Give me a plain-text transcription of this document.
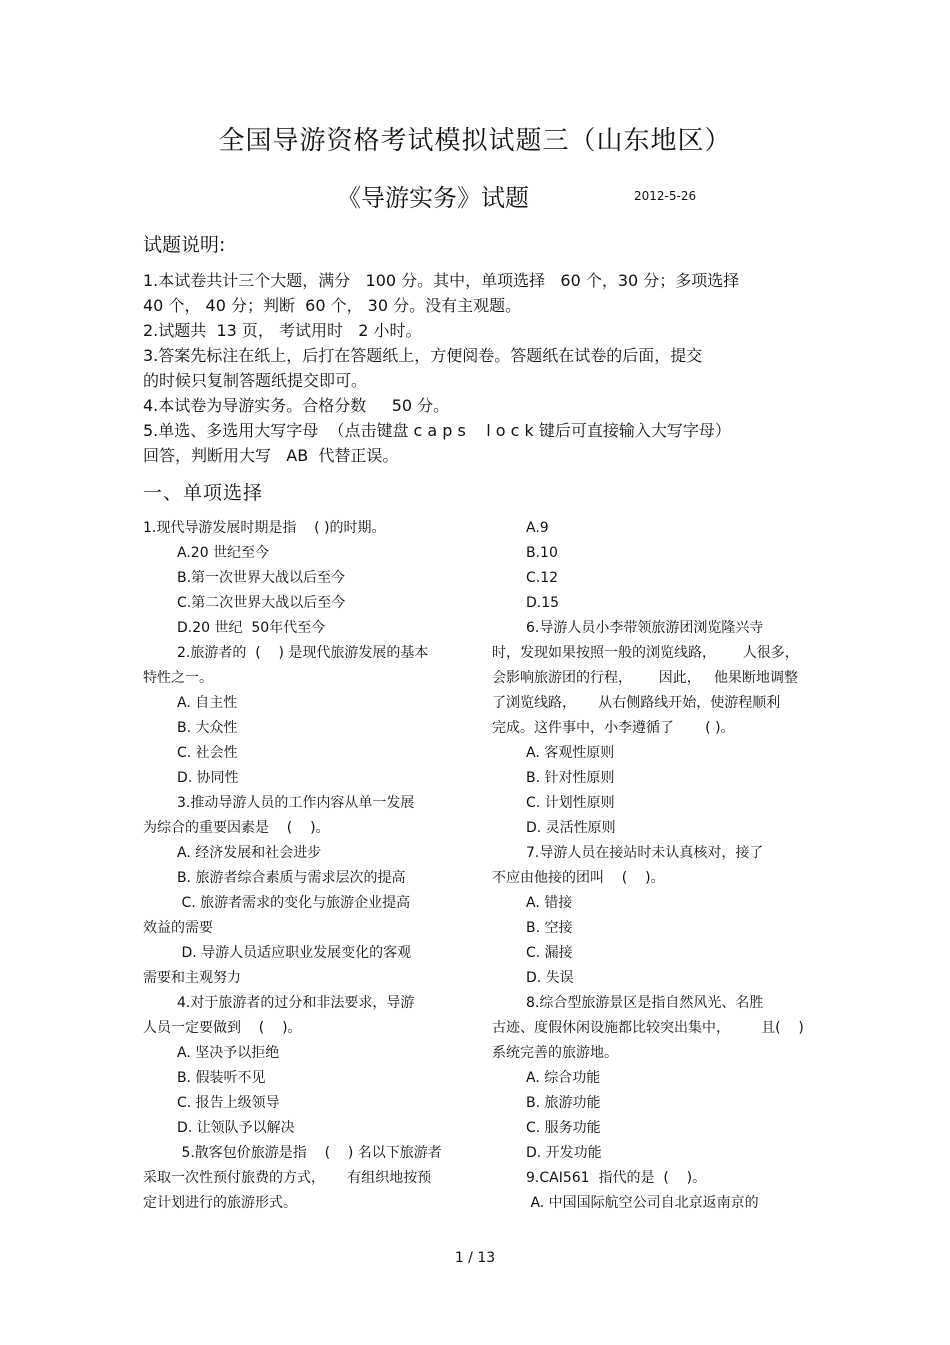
全国导游资格考试模拟试题三（山东地区）
《导游实务》试题	2012-5-26
试题说明:

1.本试卷共计三个大题，满分   100 分。其中，单项选择   60 个，30 分；多项选择

40 个， 40 分；判断  60 个， 30 分。没有主观题。

2.试题共  13 页， 考试用时   2 小时。

3.答案先标注在纸上，后打在答题纸上，方便阅卷。答题纸在试卷的后面，提交

的时候只复制答题纸提交即可。

4.本试卷为导游实务。合格分数     50 分。

5.单选、多选用大写字母  （点击键盘 c a p s    l o c k 键后可直接输入大写字母）

回答，判断用大写   AB  代替正误。

一、单项选择

1.现代导游发展时期是指    ( )的时期。

A.20 世纪至今

B.第一次世界大战以后至今

C.第二次世界大战以后至今

D.20 世纪  50年代至今

2.旅游者的  (    ) 是现代旅游发展的基本

特性之一。

A. 自主性

B. 大众性

C. 社会性

D. 协同性

3.推动导游人员的工作内容从单一发展

为综合的重要因素是    (    )。

A. 经济发展和社会进步

B. 旅游者综合素质与需求层次的提高

C. 旅游者需求的变化与旅游企业提高

效益的需要

D. 导游人员适应职业发展变化的客观

需要和主观努力

4.对于旅游者的过分和非法要求，导游

人员一定要做到    (    )。

A. 坚决予以拒绝

B. 假装听不见

C. 报告上级领导

D. 让领队予以解决

5.散客包价旅游是指    (    ) 名以下旅游者

采取一次性预付旅费的方式，     有组织地按预

定计划进行的旅游形式。

A.9

B.10

C.12

D.15

6.导游人员小李带领旅游团浏览隆兴寺

时，发现如果按照一般的浏览线路，      人很多，

会影响旅游团的行程，      因此，   他果断地调整

了浏览线路，     从右侧路线开始，使游程顺利

完成。这件事中，小李遵循了       ( )。

A. 客观性原则

B. 针对性原则

C. 计划性原则

D. 灵活性原则

7.导游人员在接站时未认真核对，接了

不应由他接的团叫    (    )。

A. 错接

B. 空接

C. 漏接

D. 失误

8.综合型旅游景区是指自然风光、名胜

古迹、度假休闲设施都比较突出集中，       且(    )

系统完善的旅游地。

A. 综合功能

B. 旅游功能

C. 服务功能

D. 开发功能

9.CAI561  指代的是  (    )。

A. 中国国际航空公司自北京返南京的

1 / 13
